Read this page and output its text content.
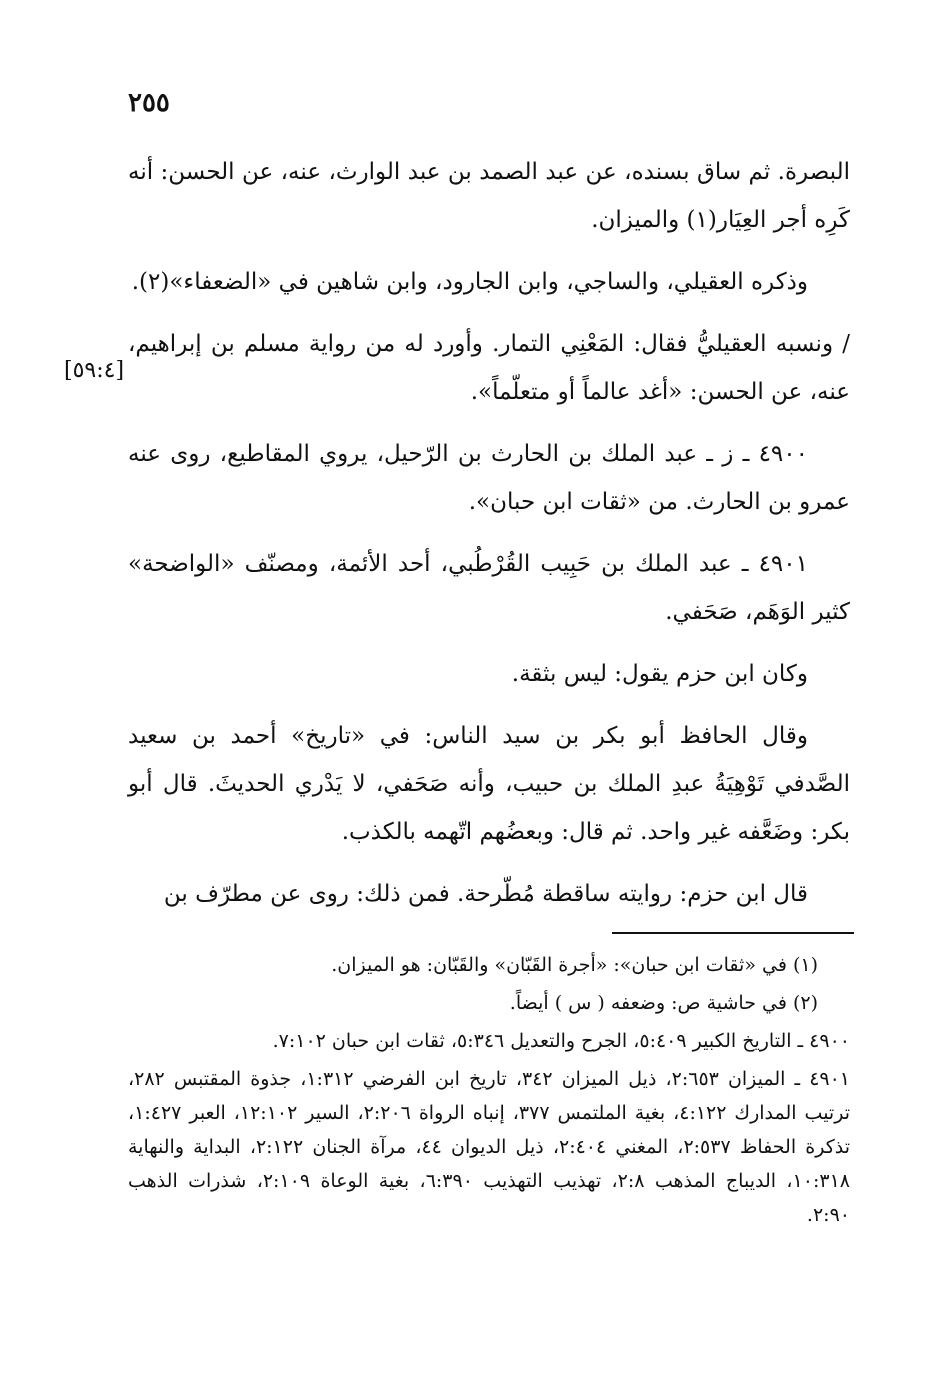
٢٥٥
[٥٩:٤]

البصرة. ثم ساق بسنده، عن عبد الصمد بن عبد الوارث، عنه، عن الحسن: أنه كَرِه أجر العِيَار(١) والميزان.

وذكره العقيلي، والساجي، وابن الجارود، وابن شاهين في «الضعفاء»(٢).

/ ونسبه العقيليُّ فقال: المَعْنِي التمار. وأورد له من رواية مسلم بن إبراهيم، عنه، عن الحسن: «أغد عالماً أو متعلّماً».

٤٩٠٠ ـ ز ـ عبد الملك بن الحارث بن الرّحيل، يروي المقاطيع، روى عنه عمرو بن الحارث. من «ثقات ابن حبان».

٤٩٠١ ـ عبد الملك بن حَبِيب القُرْطُبي، أحد الأئمة، ومصنّف «الواضحة» كثير الوَهَم، صَحَفي.

وكان ابن حزم يقول: ليس بثقة.

وقال الحافظ أبو بكر بن سيد الناس: في «تاريخ» أحمد بن سعيد الصَّدفي تَوْهِيَةُ عبدِ الملك بن حبيب، وأنه صَحَفي، لا يَدْري الحديثَ. قال أبو بكر: وضَعَّفه غير واحد. ثم قال: وبعضُهم اتّهمه بالكذب.

قال ابن حزم: روايته ساقطة مُطّرحة. فمن ذلك: روى عن مطرّف بن

(١) في «ثقات ابن حبان»: «أجرة القَبّان» والقَبّان: هو الميزان.

(٢) في حاشية ص: وضعفه ( س ) أيضاً.

٤٩٠٠ ـ التاريخ الكبير ٥:٤٠٩، الجرح والتعديل ٥:٣٤٦، ثقات ابن حبان ٧:١٠٢.

٤٩٠١ ـ الميزان ٢:٦٥٣، ذيل الميزان ٣٤٢، تاريخ ابن الفرضي ١:٣١٢، جذوة المقتبس ٢٨٢، ترتيب المدارك ٤:١٢٢، بغية الملتمس ٣٧٧، إنباه الرواة ٢:٢٠٦، السير ١٢:١٠٢، العبر ١:٤٢٧، تذكرة الحفاظ ٢:٥٣٧، المغني ٢:٤٠٤، ذيل الديوان ٤٤، مرآة الجنان ٢:١٢٢، البداية والنهاية ١٠:٣١٨، الديباج المذهب ٢:٨، تهذيب التهذيب ٦:٣٩٠، بغية الوعاة ٢:١٠٩، شذرات الذهب ٢:٩٠.
